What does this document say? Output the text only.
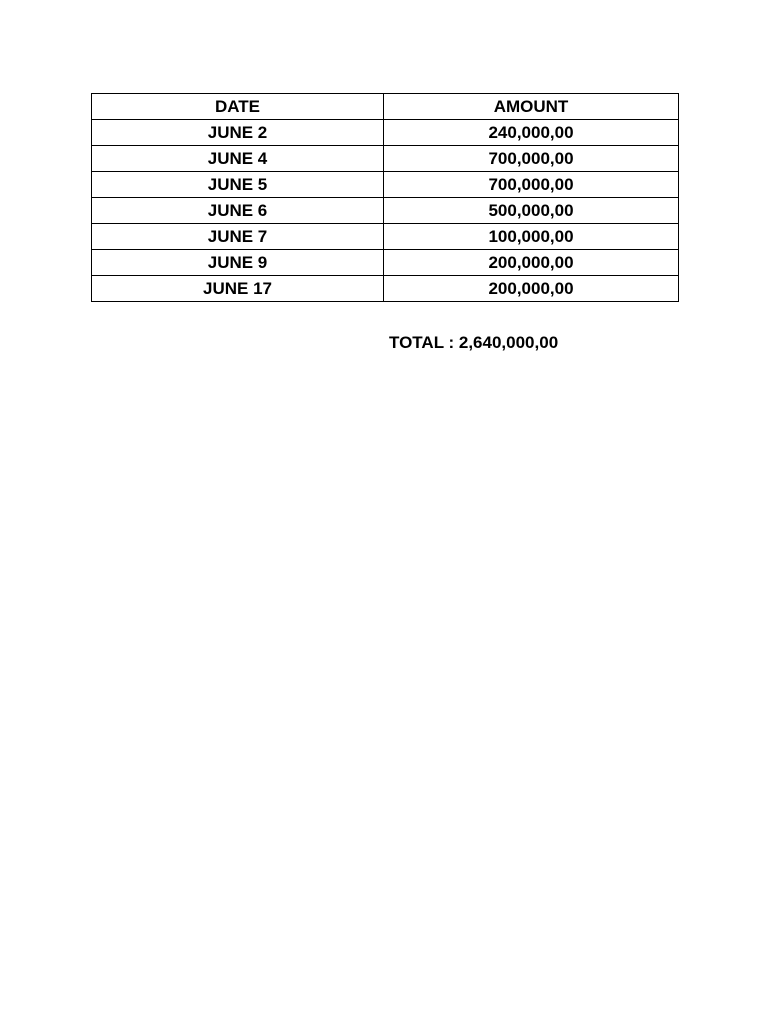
DATE	AMOUNT
JUNE 2	240,000,00
JUNE 4	700,000,00
JUNE 5	700,000,00
JUNE 6	500,000,00
JUNE 7	100,000,00
JUNE 9	200,000,00
JUNE 17	200,000,00
TOTAL : 2,640,000,00
